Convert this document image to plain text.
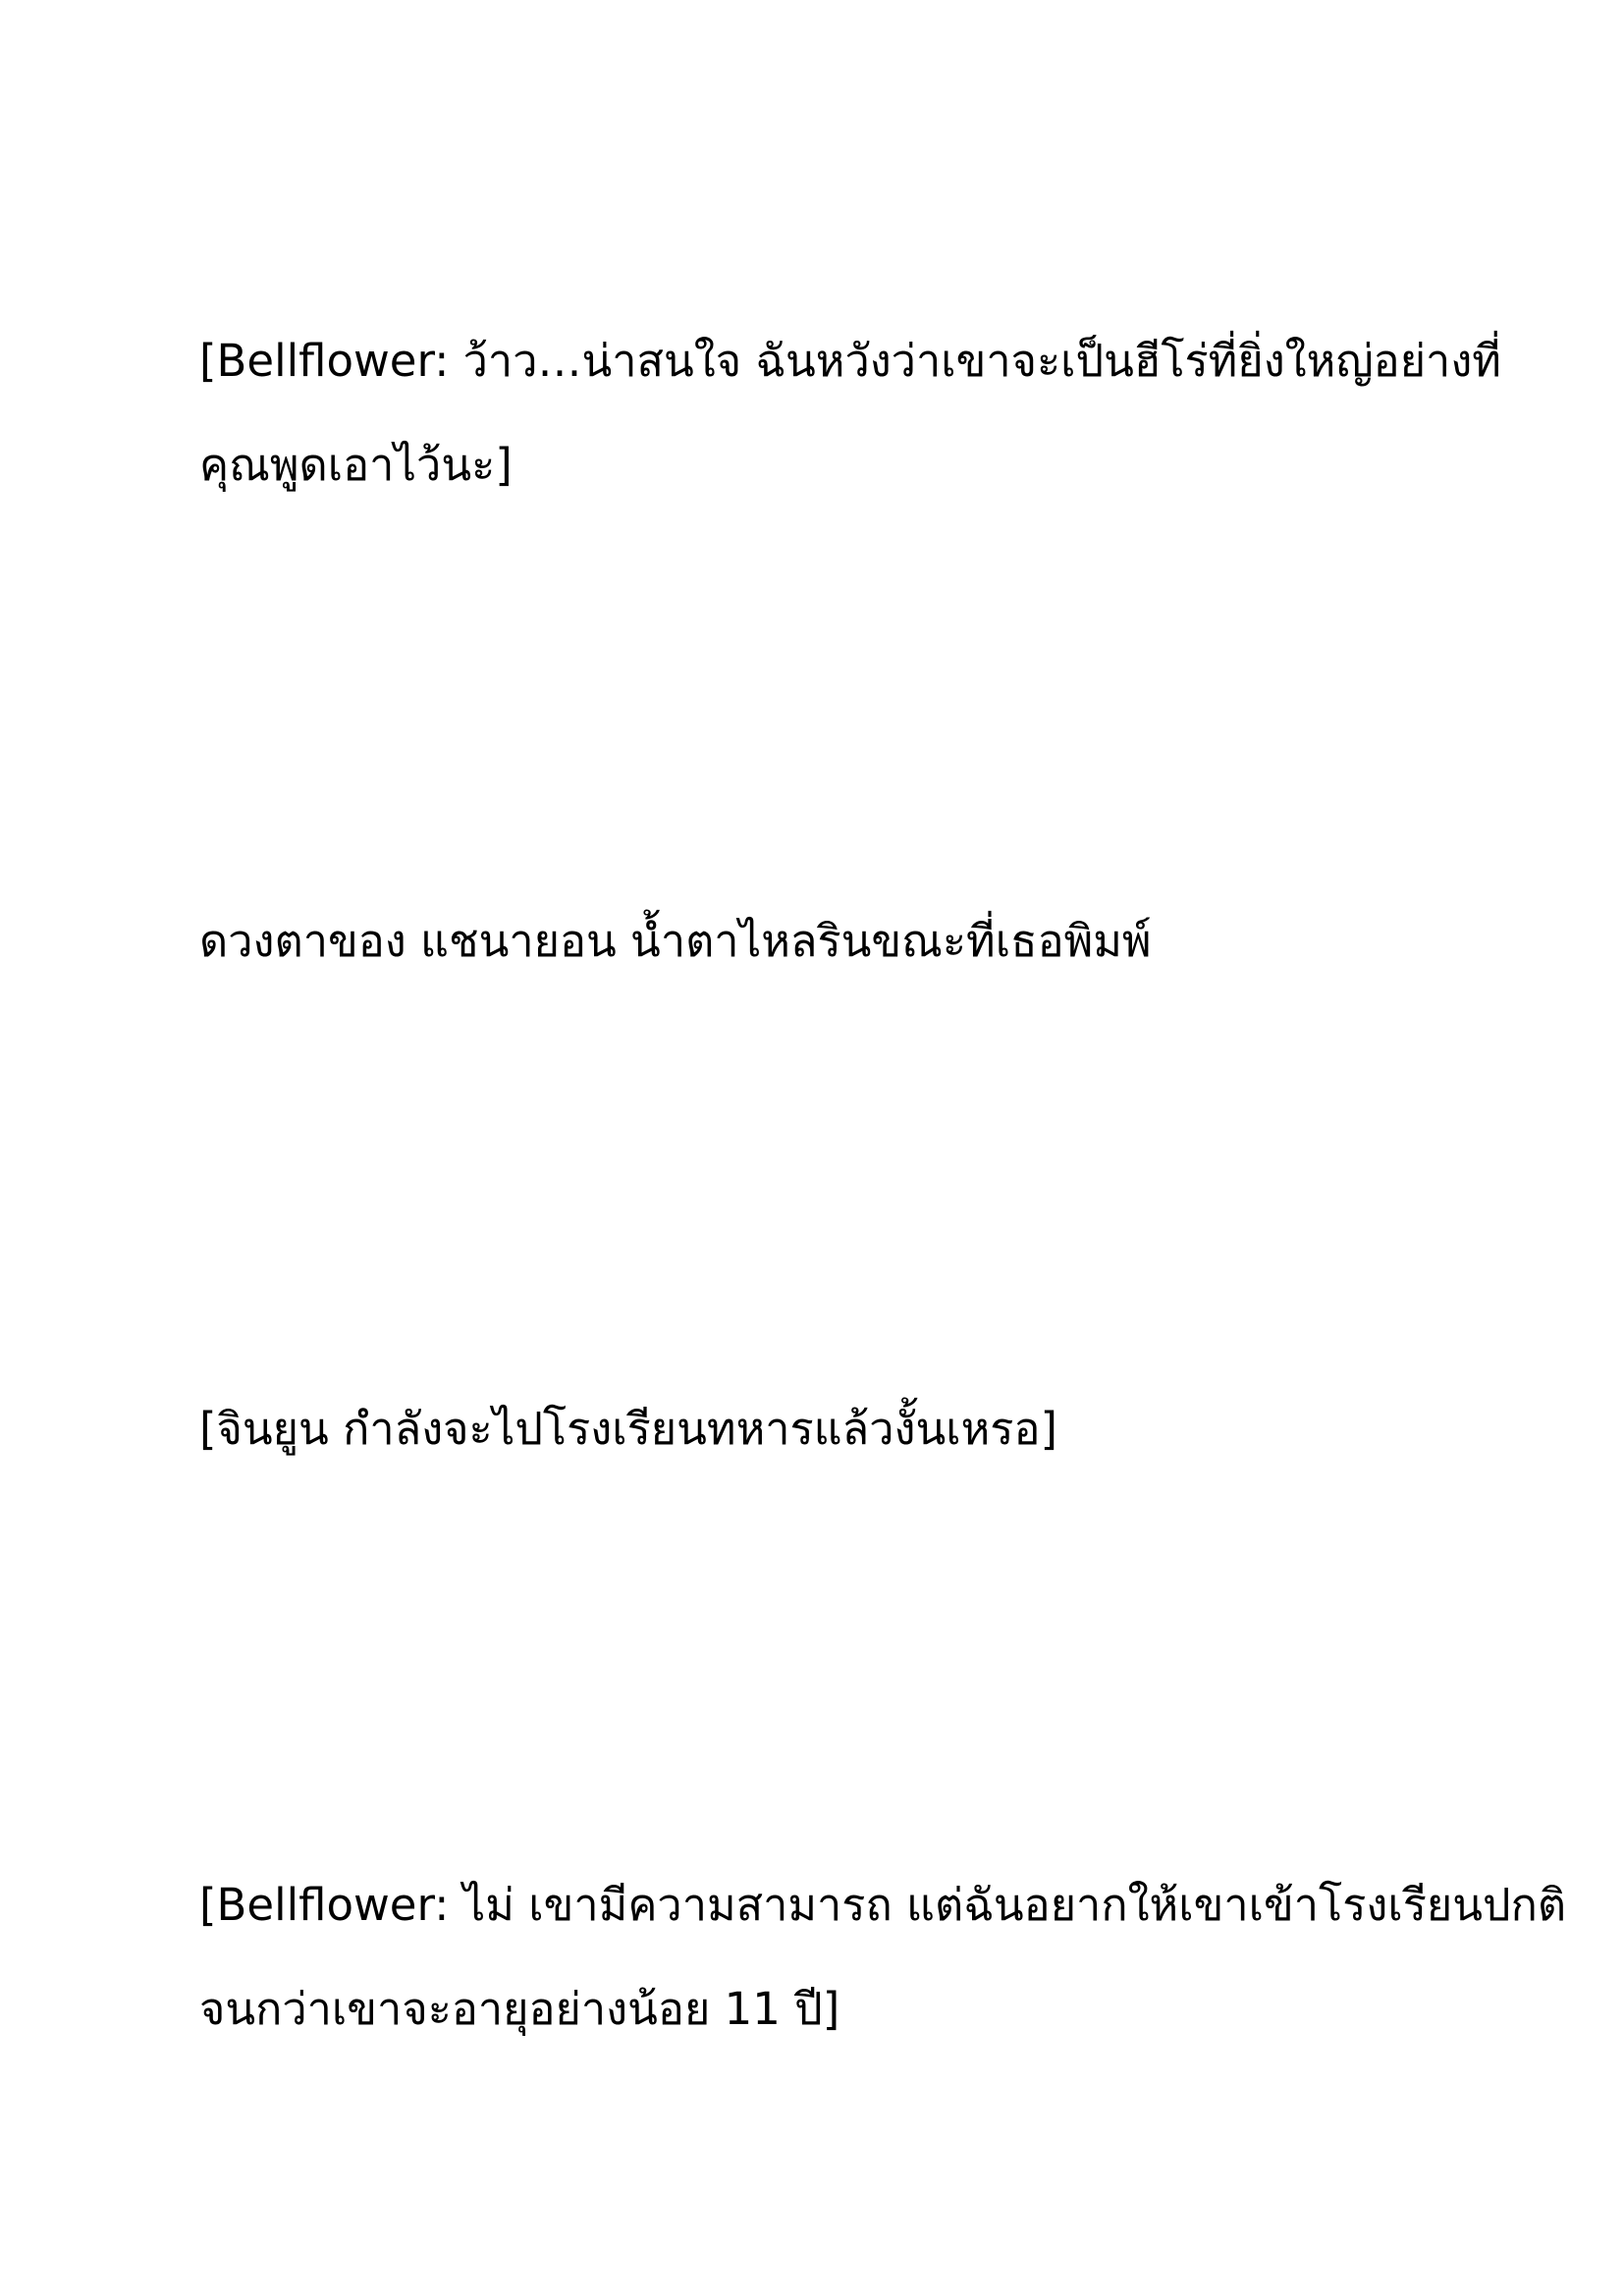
[Bellflower: ว้าว…น่าสนใจ ฉันหวังว่าเขาจะเป็นฮีโร่ที่ยิ่งใหญ่อย่างที่
คุณพูดเอาไว้นะ]
ดวงตาของ แชนายอน น้ำตาไหลรินขณะที่เธอพิมพ์
[จินยูน กำลังจะไปโรงเรียนทหารแล้วงั้นเหรอ]
[Bellflower: ไม่ เขามีความสามารถ แต่ฉันอยากให้เขาเข้าโรงเรียนปกติ
จนกว่าเขาจะอายุอย่างน้อย 11 ปี]
